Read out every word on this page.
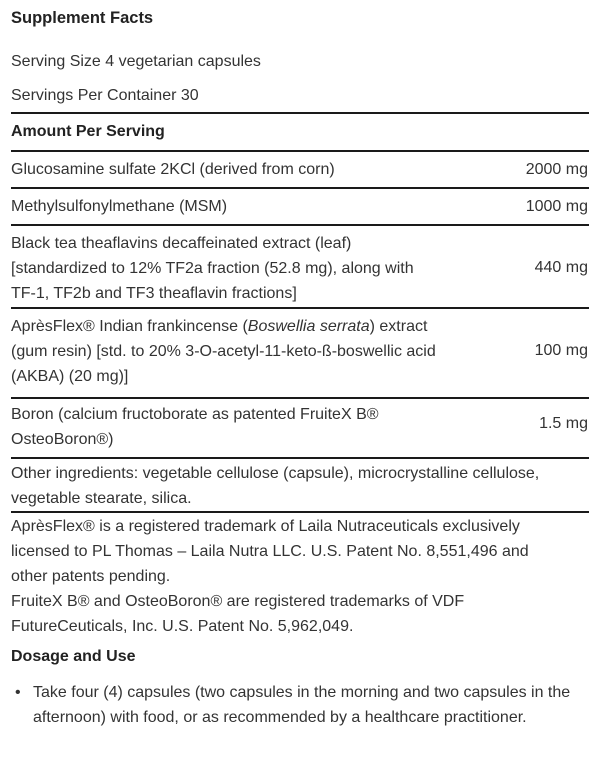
Supplement Facts
Serving Size 4 vegetarian capsules
Servings Per Container 30
Amount Per Serving
Glucosamine sulfate 2KCl (derived from corn)	2000 mg
Methylsulfonylmethane (MSM)	1000 mg
Black tea theaflavins decaffeinated extract (leaf)
[standardized to 12% TF2a fraction (52.8 mg), along with
TF-1, TF2b and TF3 theaflavin fractions]
440 mg
AprèsFlex® Indian frankincense (Boswellia serrata) extract
(gum resin) [std. to 20% 3-O-acetyl-11-keto-ß-boswellic acid
(AKBA) (20 mg)]
100 mg
Boron (calcium fructoborate as patented FruiteX B®
OsteoBoron®)
1.5 mg
Other ingredients: vegetable cellulose (capsule), microcrystalline cellulose,
vegetable stearate, silica.
AprèsFlex® is a registered trademark of Laila Nutraceuticals exclusively
licensed to PL Thomas – Laila Nutra LLC. U.S. Patent No. 8,551,496 and
other patents pending.
FruiteX B® and OsteoBoron® are registered trademarks of VDF
FutureCeuticals, Inc. U.S. Patent No. 5,962,049.
Dosage and Use
• Take four (4) capsules (two capsules in the morning and two capsules in the afternoon) with food, or as recommended by a healthcare practitioner.
